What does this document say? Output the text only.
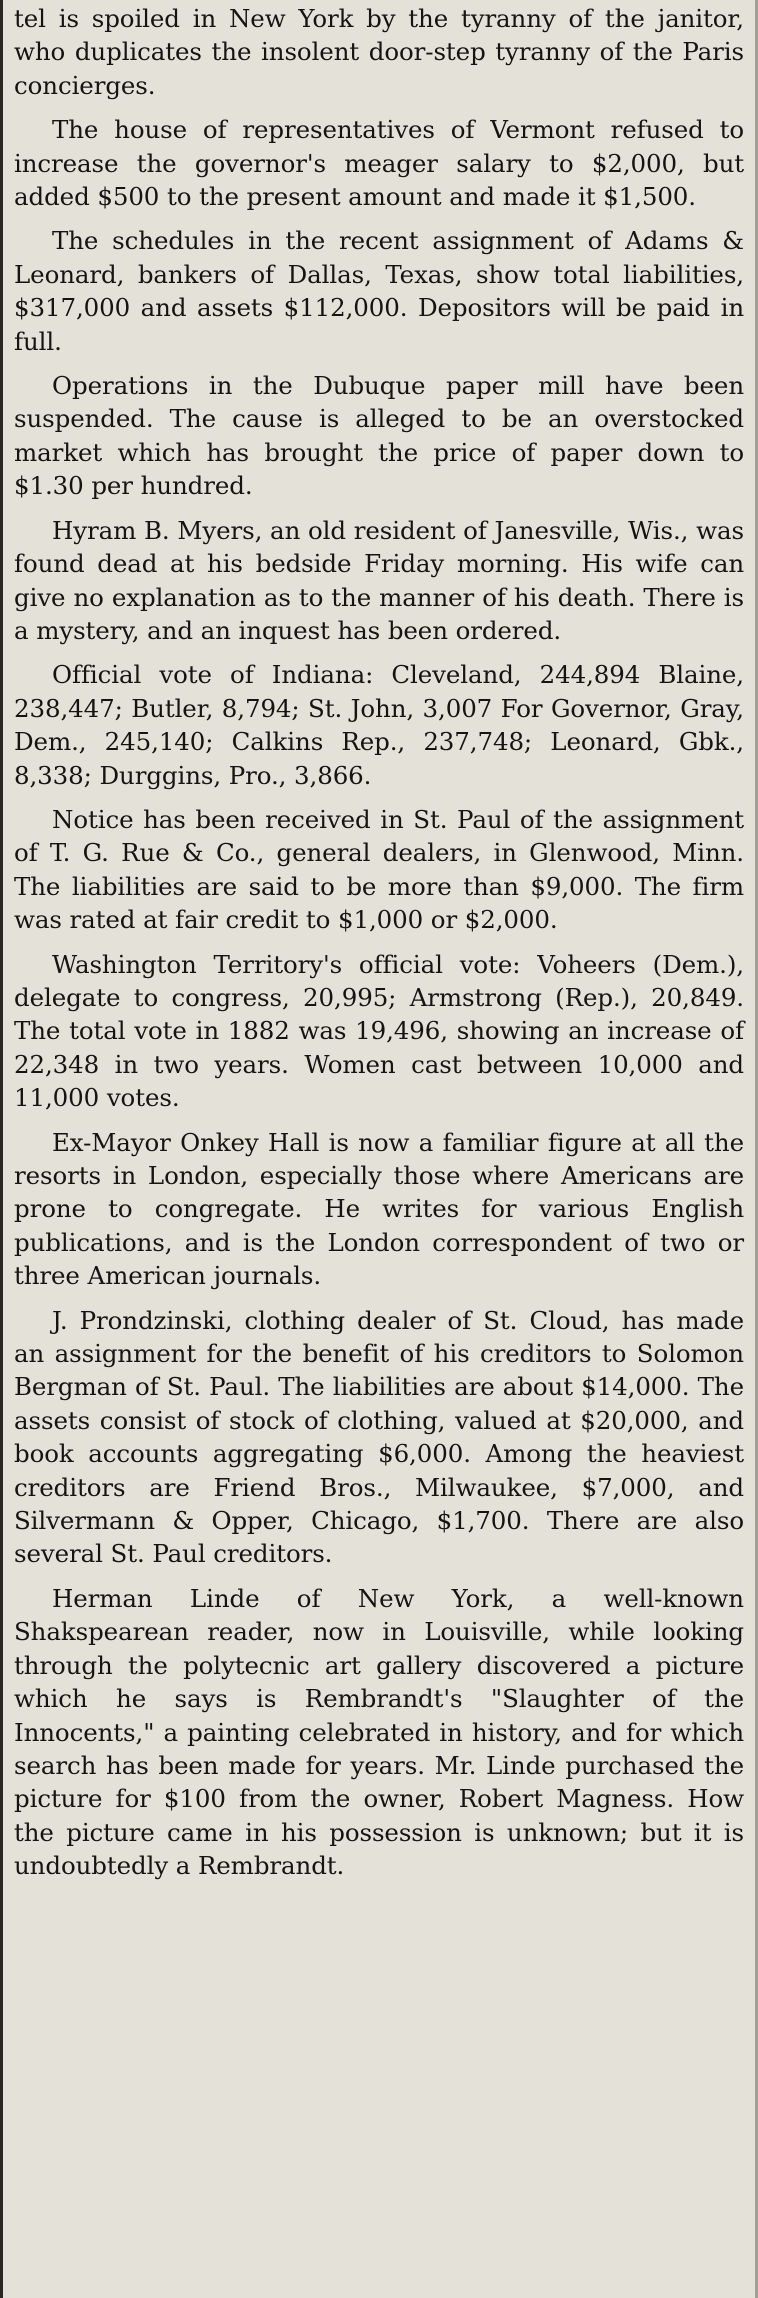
tel is spoiled in New York by the tyranny of the janitor, who duplicates the insolent door-step tyranny of the Paris concierges.

The house of representatives of Vermont refused to increase the governor's meager salary to $2,000, but added $500 to the present amount and made it $1,500.

The schedules in the recent assignment of Adams & Leonard, bankers of Dallas, Texas, show total liabilities, $317,000 and assets $112,000. Depositors will be paid in full.

Operations in the Dubuque paper mill have been suspended. The cause is alleged to be an overstocked market which has brought the price of paper down to $1.30 per hundred.

Hyram B. Myers, an old resident of Janesville, Wis., was found dead at his bedside Friday morning. His wife can give no explanation as to the manner of his death. There is a mystery, and an inquest has been ordered.

Official vote of Indiana: Cleveland, 244,894 Blaine, 238,447; Butler, 8,794; St. John, 3,007 For Governor, Gray, Dem., 245,140; Calkins Rep., 237,748; Leonard, Gbk., 8,338; Durggins, Pro., 3,866.

Notice has been received in St. Paul of the assignment of T. G. Rue & Co., general dealers, in Glenwood, Minn. The liabilities are said to be more than $9,000. The firm was rated at fair credit to $1,000 or $2,000.

Washington Territory's official vote: Voheers (Dem.), delegate to congress, 20,995; Armstrong (Rep.), 20,849. The total vote in 1882 was 19,496, showing an increase of 22,348 in two years. Women cast between 10,000 and 11,000 votes.

Ex-Mayor Onkey Hall is now a familiar figure at all the resorts in London, especially those where Americans are prone to congregate. He writes for various English publications, and is the London correspondent of two or three American journals.

J. Prondzinski, clothing dealer of St. Cloud, has made an assignment for the benefit of his creditors to Solomon Bergman of St. Paul. The liabilities are about $14,000. The assets consist of stock of clothing, valued at $20,000, and book accounts aggregating $6,000. Among the heaviest creditors are Friend Bros., Milwaukee, $7,000, and Silvermann & Opper, Chicago, $1,700. There are also several St. Paul creditors.

Herman Linde of New York, a well-known Shakspearean reader, now in Louisville, while looking through the polytecnic art gallery discovered a picture which he says is Rembrandt's "Slaughter of the Innocents," a painting celebrated in history, and for which search has been made for years. Mr. Linde purchased the picture for $100 from the owner, Robert Magness. How the picture came in his possession is unknown; but it is undoubtedly a Rembrandt.
